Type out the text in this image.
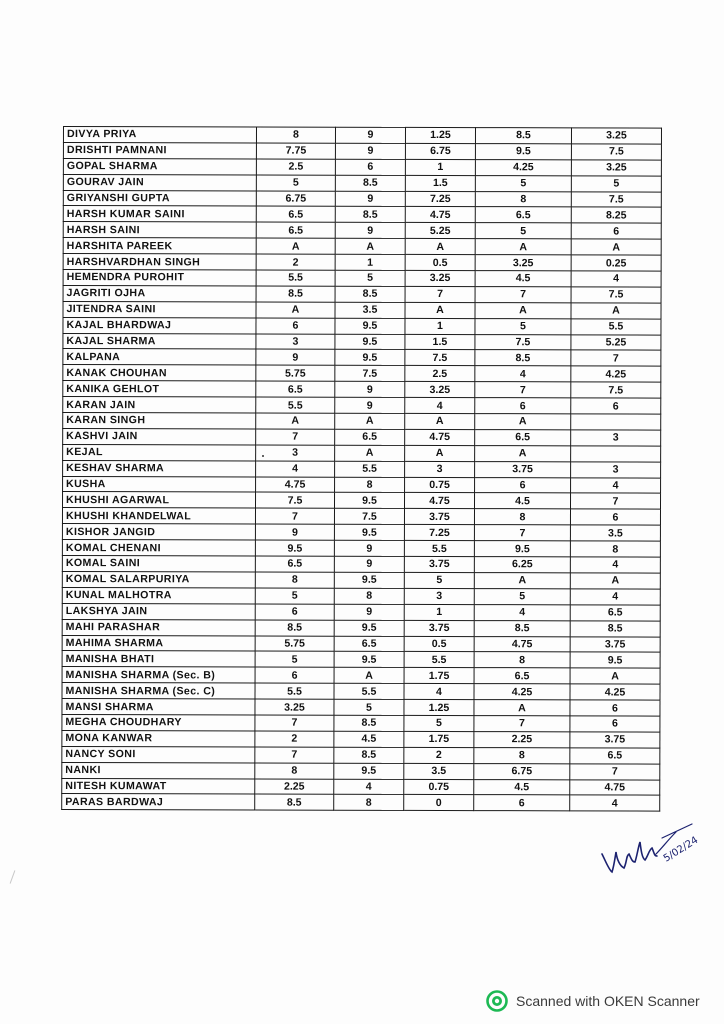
DIVYA PRIYA	8	9	1.25	8.5	3.25
DRISHTI PAMNANI	7.75	9	6.75	9.5	7.5
GOPAL SHARMA	2.5	6	1	4.25	3.25
GOURAV JAIN	5	8.5	1.5	5	5
GRIYANSHI GUPTA	6.75	9	7.25	8	7.5
HARSH KUMAR SAINI	6.5	8.5	4.75	6.5	8.25
HARSH SAINI	6.5	9	5.25	5	6
HARSHITA PAREEK	A	A	A	A	A
HARSHVARDHAN SINGH	2	1	0.5	3.25	0.25
HEMENDRA PUROHIT	5.5	5	3.25	4.5	4
JAGRITI OJHA	8.5	8.5	7	7	7.5
JITENDRA SAINI	A	3.5	A	A	A
KAJAL BHARDWAJ	6	9.5	1	5	5.5
KAJAL SHARMA	3	9.5	1.5	7.5	5.25
KALPANA	9	9.5	7.5	8.5	7
KANAK CHOUHAN	5.75	7.5	2.5	4	4.25
KANIKA GEHLOT	6.5	9	3.25	7	7.5
KARAN JAIN	5.5	9	4	6	6
KARAN SINGH	A	A	A	A	
KASHVI JAIN	7	6.5	4.75	6.5	3
KEJAL	3	A	A	A	
KESHAV SHARMA	4	5.5	3	3.75	3
KUSHA	4.75	8	0.75	6	4
KHUSHI AGARWAL	7.5	9.5	4.75	4.5	7
KHUSHI KHANDELWAL	7	7.5	3.75	8	6
KISHOR JANGID	9	9.5	7.25	7	3.5
KOMAL CHENANI	9.5	9	5.5	9.5	8
KOMAL SAINI	6.5	9	3.75	6.25	4
KOMAL SALARPURIYA	8	9.5	5	A	A
KUNAL MALHOTRA	5	8	3	5	4
LAKSHYA JAIN	6	9	1	4	6.5
MAHI PARASHAR	8.5	9.5	3.75	8.5	8.5
MAHIMA SHARMA	5.75	6.5	0.5	4.75	3.75
MANISHA BHATI	5	9.5	5.5	8	9.5
MANISHA SHARMA (Sec. B)	6	A	1.75	6.5	A
MANISHA SHARMA (Sec. C)	5.5	5.5	4	4.25	4.25
MANSI SHARMA	3.25	5	1.25	A	6
MEGHA CHOUDHARY	7	8.5	5	7	6
MONA KANWAR	2	4.5	1.75	2.25	3.75
NANCY SONI	7	8.5	2	8	6.5
NANKI	8	9.5	3.5	6.75	7
NITESH KUMAWAT	2.25	4	0.75	4.5	4.75
PARAS BARDWAJ	8.5	8	0	6	4
5/02/24
Scanned with OKEN Scanner
